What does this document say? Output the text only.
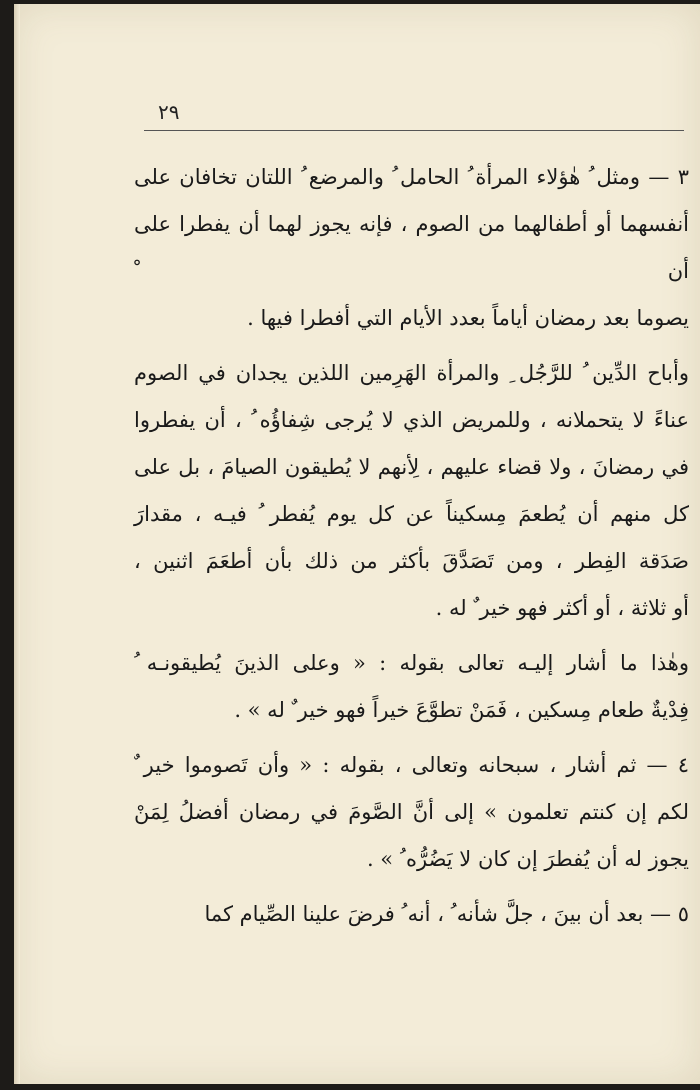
٢٩

٣ — ومثل ُ هٰؤلاء المرأة ُ الحامل ُ والمرضع ُ اللتان تخافان على
أنفسهما أو أطفالهما من الصوم ، فإنه يجوز لهما أن يفطرا على أن ْ
يصوما بعد رمضان أياماً بعدد الأيام التي أفطرا فيها .

وأباح الدِّين ُ للرَّجُل ِ والمرأة الهَرِمين اللذين يجدان في الصوم
عناءً لا يتحملانه ، وللمريض الذي لا يُرجى شِفاؤُه ُ ، أن يفطروا
في رمضانَ ، ولا قضاء عليهم ، لِأنهم لا يُطيقون الصيامَ ، بل على
كل منهم أن يُطعمَ مِسكيناً عن كل يوم يُفطر ُ فيـه ، مقدارَ
صَدَقة الفِطر ، ومن تَصَدَّقَ بأكثر من ذلك بأن أطعَمَ اثنين ،
أو ثلاثة ، أو أكثر فهو خير ٌ له .

وهٰذا ما أشار إليـه تعالى بقوله : « وعلى الذينَ يُطيقونـه ُ
فِدْيةٌ طعام مِسكين ، فَمَنْ تطوَّعَ خيراً فهو خير ٌ له » .

٤ — ثم أشار ، سبحانه وتعالى ، بقوله : « وأن تَصوموا خير ٌ
لكم إن كنتم تعلمون » إلى أنَّ الصَّومَ في رمضان أفضلُ لِمَنْ
يجوز له أن يُفطرَ إن كان لا يَضُرُّه ُ » .

٥ — بعد أن بينَ ، جلَّ شأنه ُ ، أنه ُ فرضَ علينا الصِّيام كما
